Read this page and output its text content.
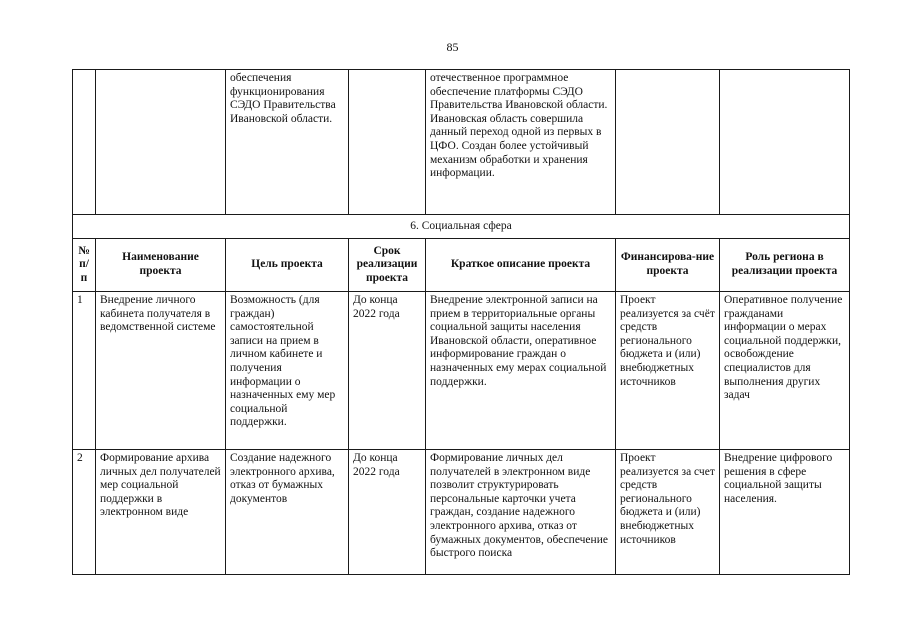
85
		обеспечения функционирования СЭДО Правительства Ивановской области.		отечественное программное обеспечение платформы СЭДО Правительства Ивановской области. Ивановская область совершила данный переход одной из первых в ЦФО. Создан более устойчивый механизм обработки и хранения информации.		
6. Социальная сфера						
№ п/п	Наименование проекта	Цель проекта	Срок реализации проекта	Краткое описание проекта	Финансирова-ние проекта	Роль региона в реализации проекта
1	Внедрение личного кабинета получателя в ведомственной системе	Возможность (для граждан) самостоятельной записи на прием в личном кабинете и получения информации о назначенных ему мер социальной поддержки.	До конца 2022 года	Внедрение электронной записи на прием в территориальные органы социальной защиты населения Ивановской области, оперативное информирование граждан о назначенных ему мерах социальной поддержки.	Проект реализуется за счёт средств регионального бюджета и (или) внебюджетных источников	Оперативное получение гражданами информации о мерах социальной поддержки, освобождение специалистов для выполнения других задач
2	Формирование архива личных дел получателей мер социальной поддержки в электронном виде	Создание надежного электронного архива, отказ от бумажных документов	До конца 2022 года	Формирование личных дел получателей в электронном виде позволит структурировать персональные карточки учета граждан, создание надежного электронного архива, отказ от бумажных документов, обеспечение быстрого поиска	Проект реализуется за счет средств регионального бюджета и (или) внебюджетных источников	Внедрение цифрового решения в сфере социальной защиты населения.
